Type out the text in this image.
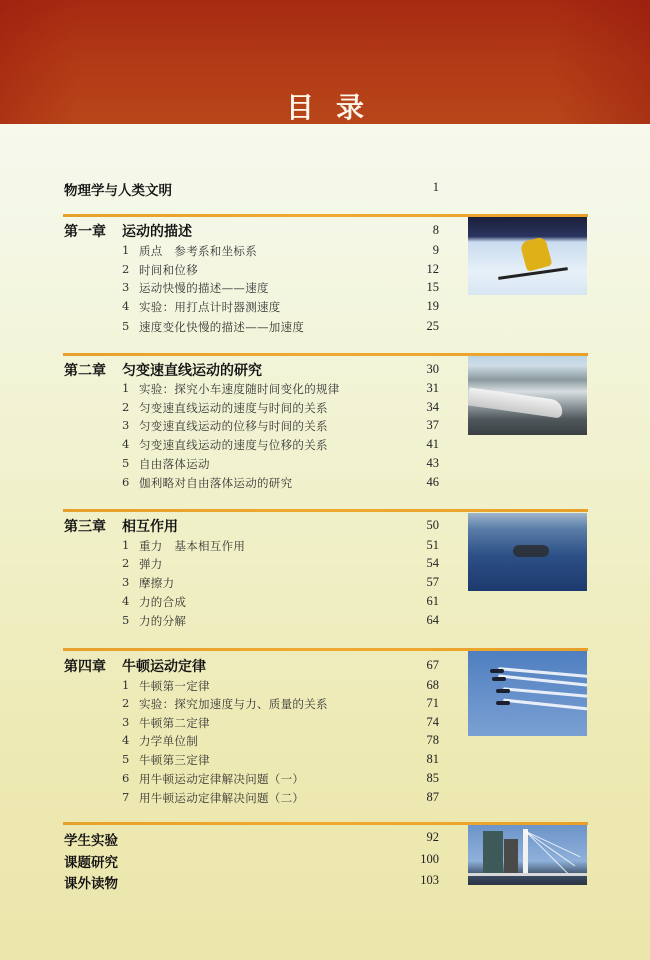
目录
物理学与人类文明	1
第一章 运动的描述	8
1 质点　参考系和坐标系	9
2 时间和位移	12
3 运动快慢的描述——速度	15
4 实验：用打点计时器测速度	19
5 速度变化快慢的描述——加速度	25
第二章 匀变速直线运动的研究	30
1 实验：探究小车速度随时间变化的规律	31
2 匀变速直线运动的速度与时间的关系	34
3 匀变速直线运动的位移与时间的关系	37
4 匀变速直线运动的速度与位移的关系	41
5 自由落体运动	43
6 伽利略对自由落体运动的研究	46
第三章 相互作用	50
1 重力　基本相互作用	51
2 弹力	54
3 摩擦力	57
4 力的合成	61
5 力的分解	64
第四章 牛顿运动定律	67
1 牛顿第一定律	68
2 实验：探究加速度与力、质量的关系	71
3 牛顿第二定律	74
4 力学单位制	78
5 牛顿第三定律	81
6 用牛顿运动定律解决问题（一）	85
7 用牛顿运动定律解决问题（二）	87
学生实验	92
课题研究	100
课外读物	103
